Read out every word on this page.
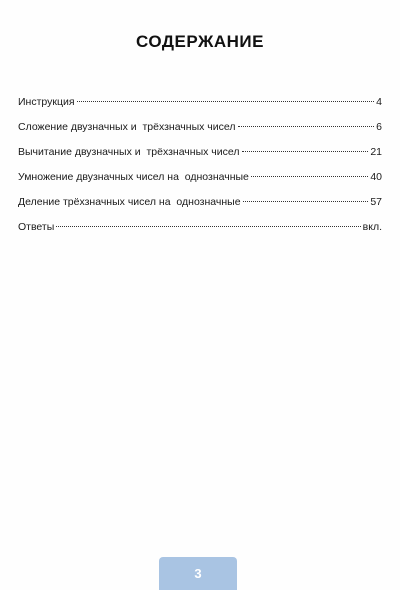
СОДЕРЖАНИЕ
Инструкция	4
Сложение двузначных и  трёхзначных чисел	6
Вычитание двузначных и  трёхзначных чисел	21
Умножение двузначных чисел на  однозначные	40
Деление трёхзначных чисел на  однозначные	57
Ответы	вкл.
3
